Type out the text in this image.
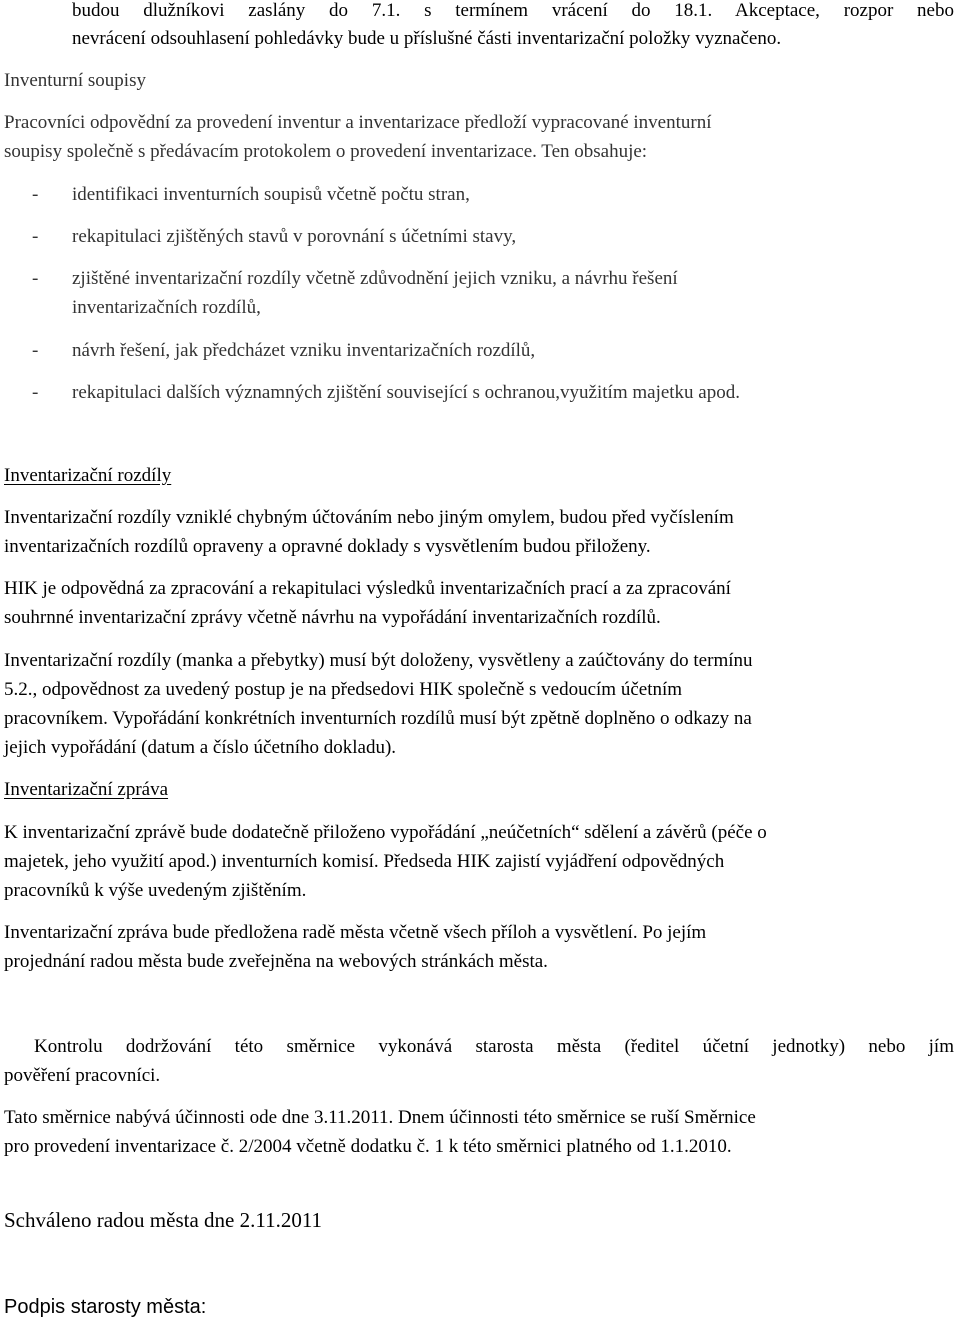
budou dlužníkovi zaslány do 7.1. s termínem vrácení do 18.1. Akceptace, rozpor nebo
nevrácení odsouhlasení pohledávky bude u příslušné části inventarizační položky vyznačeno.
Inventurní soupisy
Pracovníci odpovědní za provedení inventur a inventarizace předloží vypracované inventurní
soupisy společně s předávacím protokolem o provedení inventarizace. Ten obsahuje:
- identifikaci inventurních soupisů včetně počtu stran,
- rekapitulaci zjištěných stavů v porovnání s účetními stavy,
- zjištěné inventarizační rozdíly včetně zdůvodnění jejich vzniku, a návrhu řešení
inventarizačních rozdílů,
- návrh řešení, jak předcházet vzniku inventarizačních rozdílů,
- rekapitulaci dalších významných zjištění související s ochranou,využitím majetku apod.
Inventarizační rozdíly
Inventarizační rozdíly vzniklé chybným účtováním nebo jiným omylem, budou před vyčíslením
inventarizačních rozdílů opraveny a opravné doklady s vysvětlením budou přiloženy.
HIK je odpovědná za zpracování a rekapitulaci výsledků inventarizačních prací a za zpracování
souhrnné inventarizační zprávy včetně návrhu na vypořádání inventarizačních rozdílů.
Inventarizační rozdíly (manka a přebytky) musí být doloženy, vysvětleny a zaúčtovány do termínu
5.2., odpovědnost za uvedený postup je na předsedovi HIK společně s vedoucím účetním
pracovníkem. Vypořádání konkrétních inventurních rozdílů musí být zpětně doplněno o odkazy na
jejich vypořádání (datum a číslo účetního dokladu).
Inventarizační zpráva
K inventarizační zprávě bude dodatečně přiloženo vypořádání „neúčetních“ sdělení a závěrů (péče o
majetek, jeho využití apod.) inventurních komisí. Předseda HIK zajistí vyjádření odpovědných
pracovníků k výše uvedeným zjištěním.
Inventarizační zpráva bude předložena radě města včetně všech příloh a vysvětlení. Po jejím
projednání radou města bude zveřejněna na webových stránkách města.
Kontrolu dodržování této směrnice vykonává starosta města (ředitel účetní jednotky) nebo jím
pověření pracovníci.
Tato směrnice nabývá účinnosti ode dne 3.11.2011. Dnem účinnosti této směrnice se ruší Směrnice
pro provedení inventarizace č. 2/2004 včetně dodatku č. 1 k této směrnici platného od 1.1.2010.
Schváleno radou města dne 2.11.2011
Podpis starosty města:
